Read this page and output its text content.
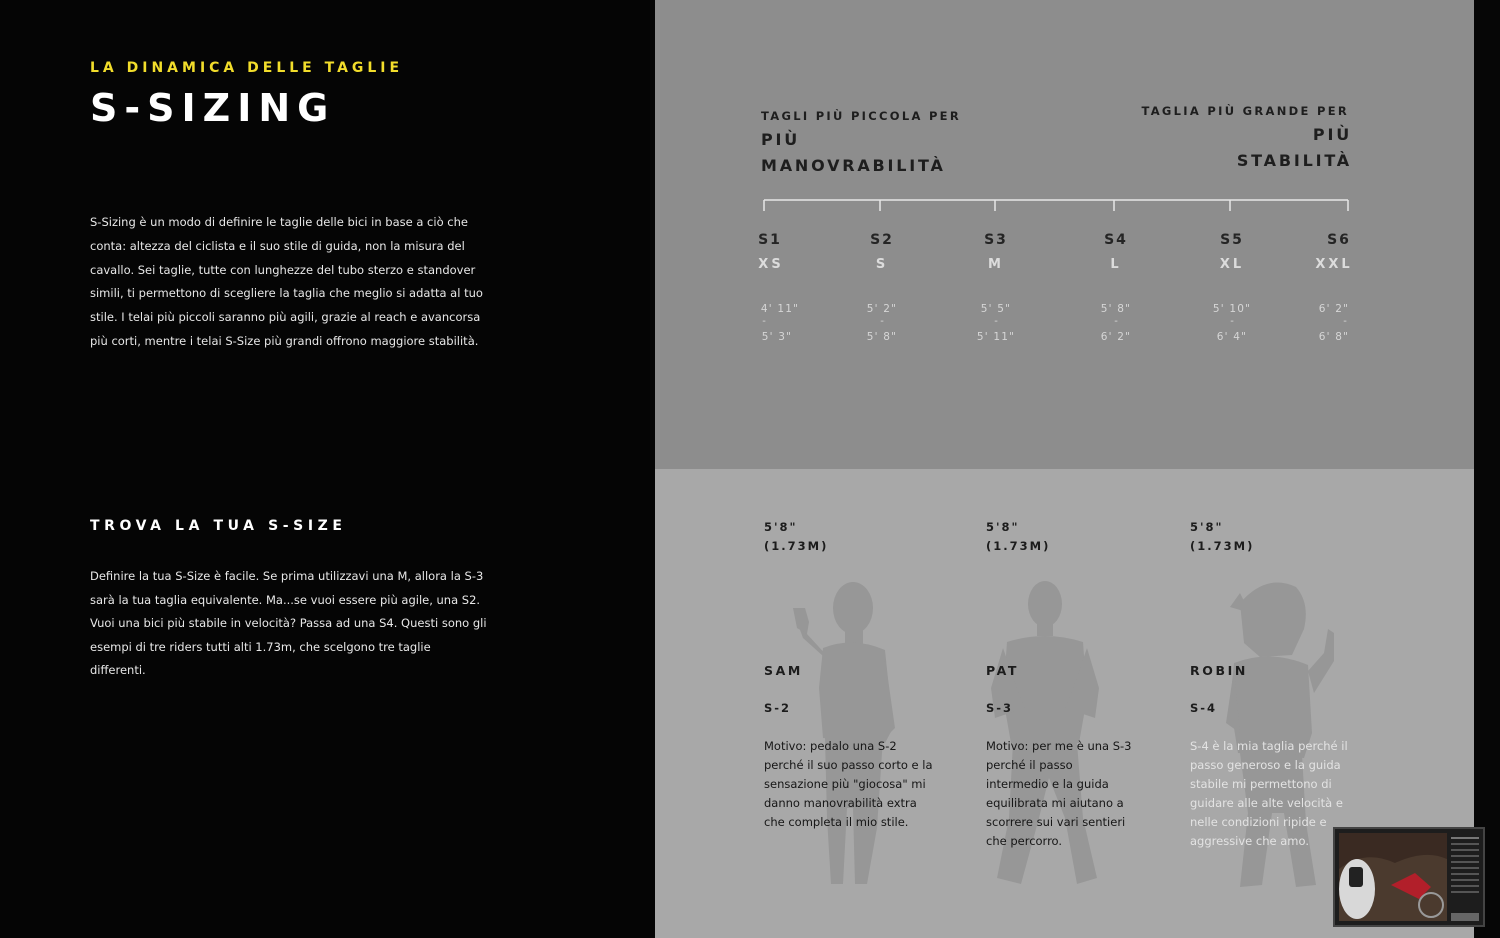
LA DINAMICA DELLE TAGLIE
S-SIZING
S-Sizing è un modo di definire le taglie delle bici in base a ciò che conta: altezza del ciclista e il suo stile di guida, non la misura del cavallo. Sei taglie, tutte con lunghezze del tubo sterzo e standover simili, ti permettono di scegliere la taglia che meglio si adatta al tuo stile. I telai più piccoli saranno più agili, grazie al reach e avancorsa più corti, mentre i telai S-Size più grandi offrono maggiore stabilità.
TROVA LA TUA S-SIZE
Definire la tua S-Size è facile. Se prima utilizzavi una M, allora la S-3 sarà la tua taglia equivalente. Ma...se vuoi essere più agile, una S2. Vuoi una bici più stabile in velocità? Passa ad una S4. Questi sono gli esempi di tre riders tutti alti 1.73m, che scelgono tre taglie differenti.
TAGLI PIÙ PICCOLA PER
PIÙ
MANOVRABILITÀ
TAGLIA PIÙ GRANDE PER
PIÙ
STABILITÀ
S1
XS
4' 11"
-
5' 3"
S2
S
5' 2"
-
5' 8"
S3
M
5' 5"
-
5' 11"
S4
L
5' 8"
-
6' 2"
S5
XL
5' 10"
-
6' 4"
S6
XXL
6' 2"
-
6' 8"
5'8"
(1.73M)
SAM
S-2
Motivo: pedalo una S-2 perché il suo passo corto e la sensazione più "giocosa" mi danno manovrabilità extra che completa il mio stile.
5'8"
(1.73M)
PAT
S-3
Motivo: per me è una S-3 perché il passo intermedio e la guida equilibrata mi aiutano a scorrere sui vari sentieri che percorro.
5'8"
(1.73M)
ROBIN
S-4
S-4 è la mia taglia perché il passo generoso e la guida stabile mi permettono di guidare alle alte velocità e nelle condizioni ripide e aggressive che amo.
